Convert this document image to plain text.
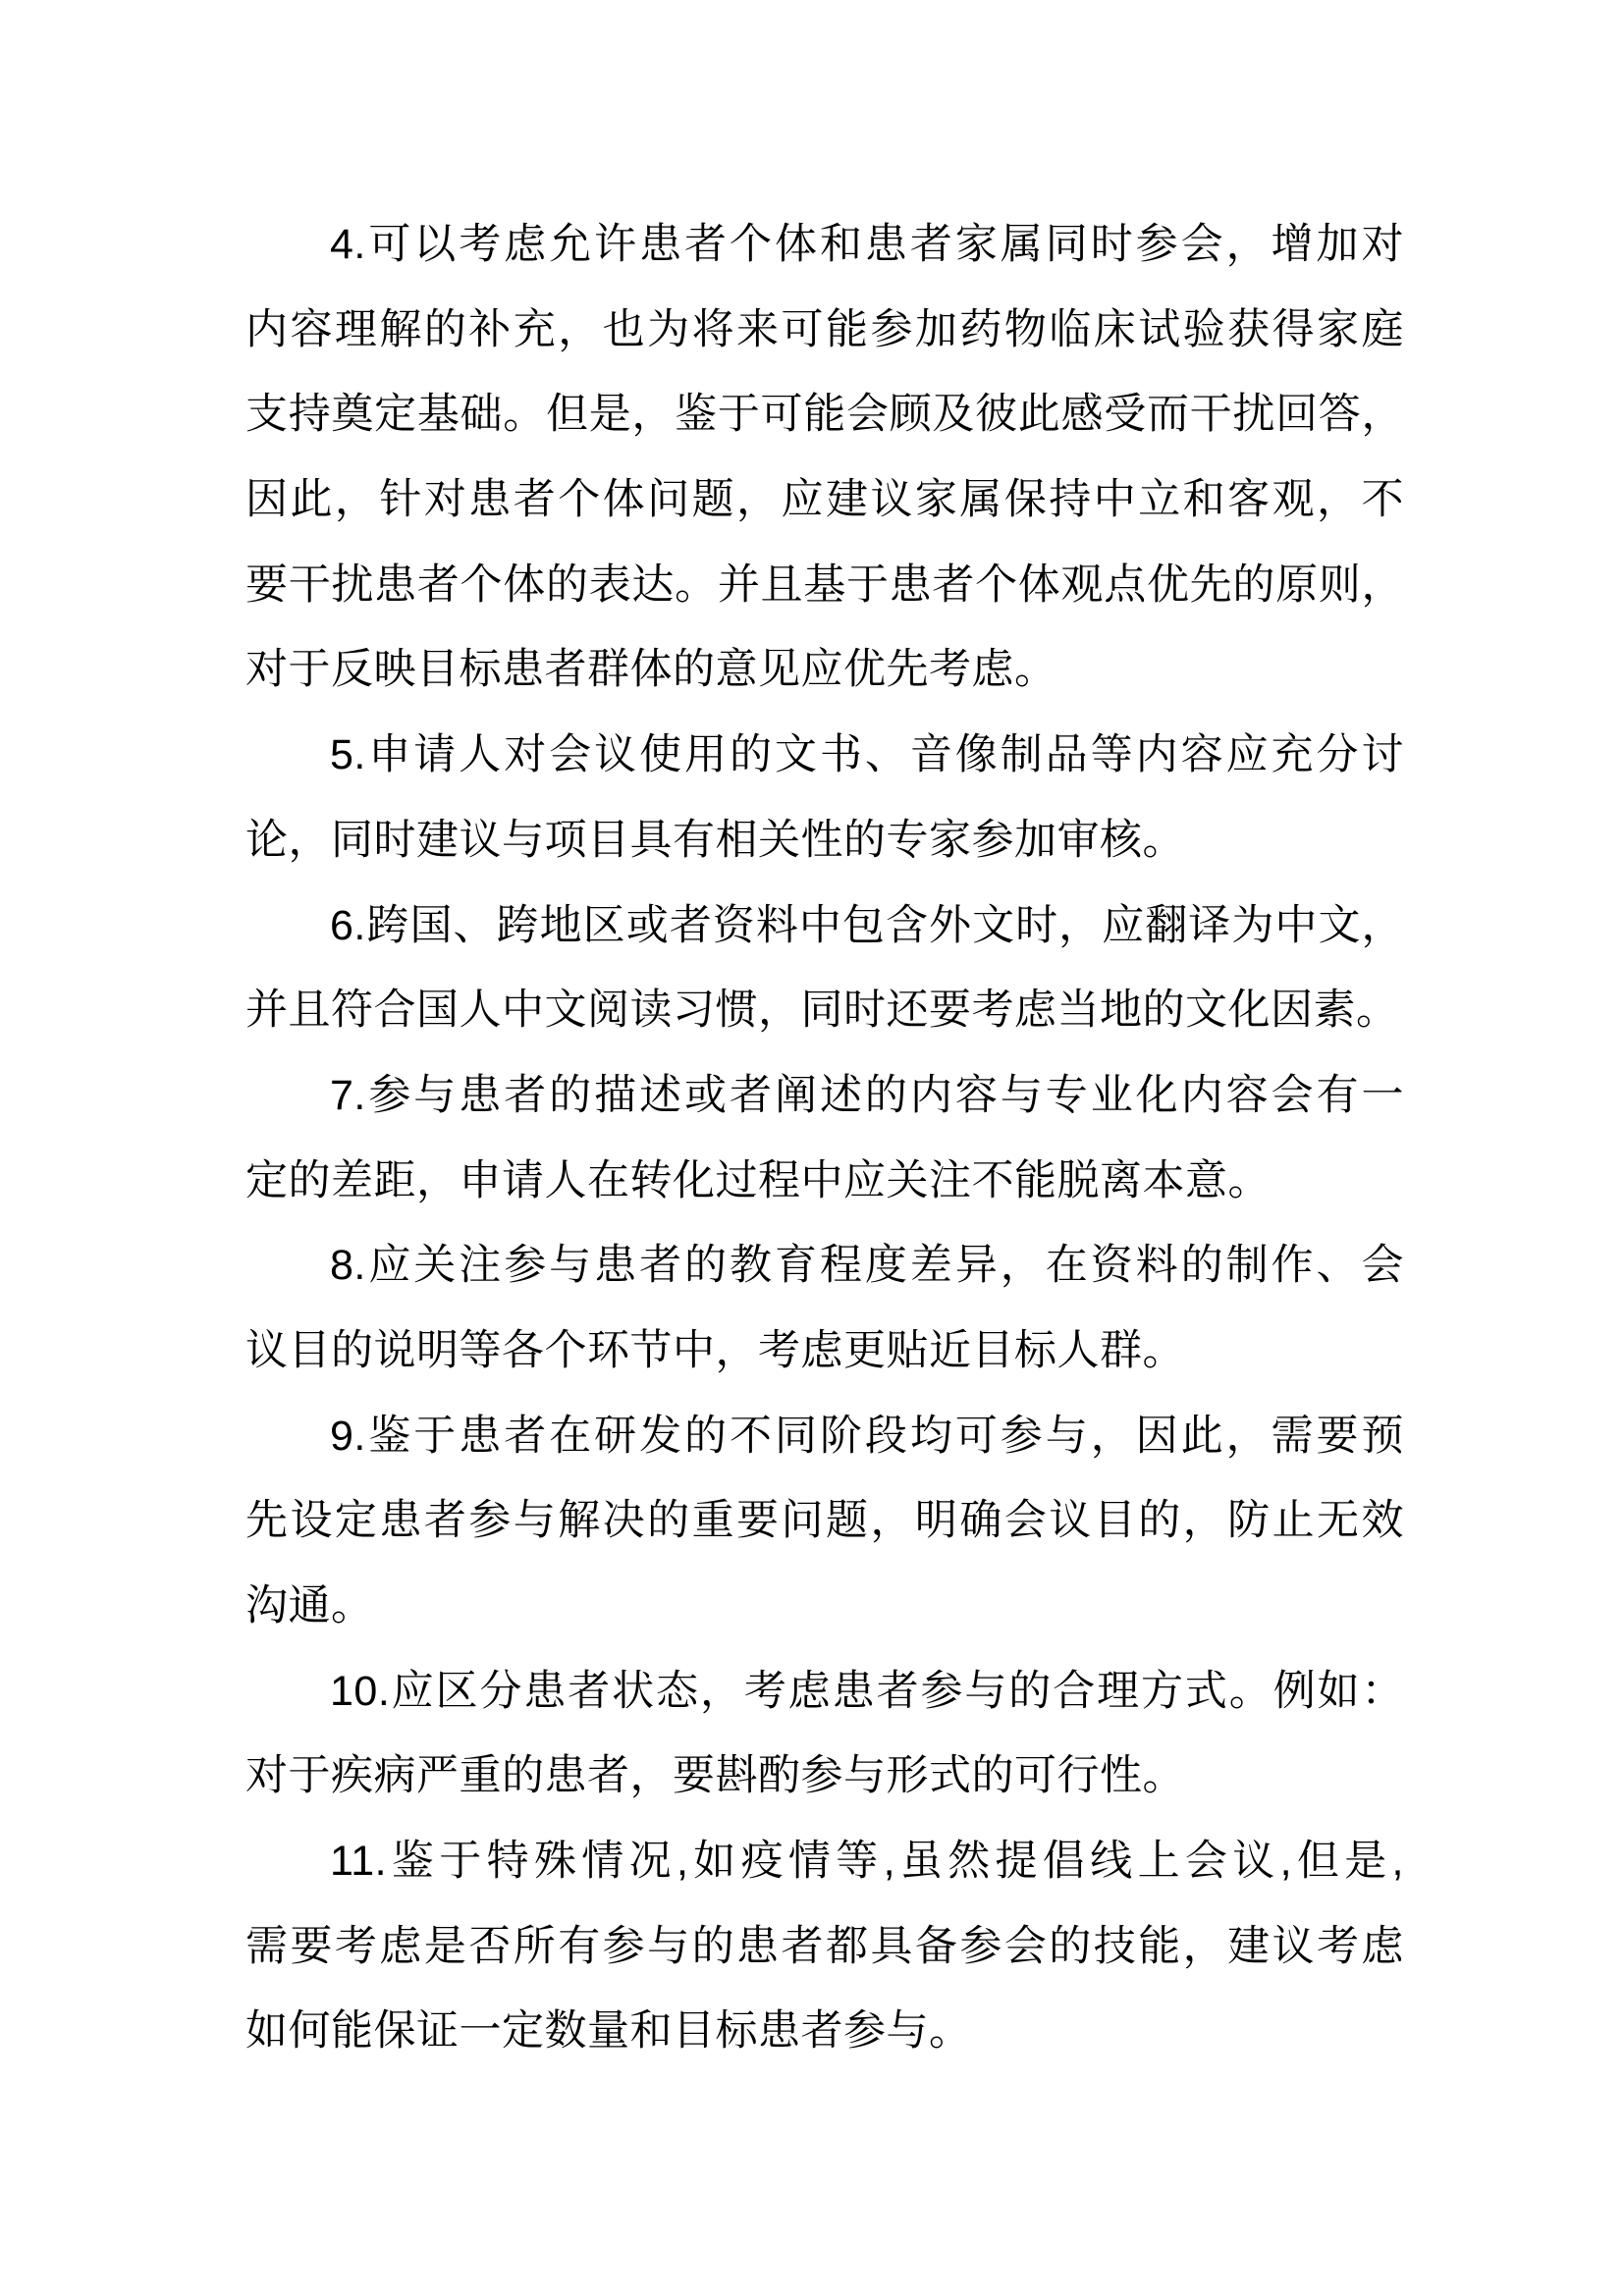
4.可以考虑允许患者个体和患者家属同时参会，增加对
内容理解的补充，也为将来可能参加药物临床试验获得家庭
支持奠定基础。但是，鉴于可能会顾及彼此感受而干扰回答，
因此，针对患者个体问题，应建议家属保持中立和客观，不
要干扰患者个体的表达。并且基于患者个体观点优先的原则，
对于反映目标患者群体的意见应优先考虑。
5.申请人对会议使用的文书、音像制品等内容应充分讨
论，同时建议与项目具有相关性的专家参加审核。
6.跨国、跨地区或者资料中包含外文时，应翻译为中文，
并且符合国人中文阅读习惯，同时还要考虑当地的文化因素。
7.参与患者的描述或者阐述的内容与专业化内容会有一
定的差距，申请人在转化过程中应关注不能脱离本意。
8.应关注参与患者的教育程度差异，在资料的制作、会
议目的说明等各个环节中，考虑更贴近目标人群。
9.鉴于患者在研发的不同阶段均可参与，因此，需要预
先设定患者参与解决的重要问题，明确会议目的，防止无效
沟通。
10.应区分患者状态，考虑患者参与的合理方式。例如：
对于疾病严重的患者，要斟酌参与形式的可行性。
11.鉴于特殊情况,如疫情等,虽然提倡线上会议,但是,
需要考虑是否所有参与的患者都具备参会的技能，建议考虑
如何能保证一定数量和目标患者参与。
